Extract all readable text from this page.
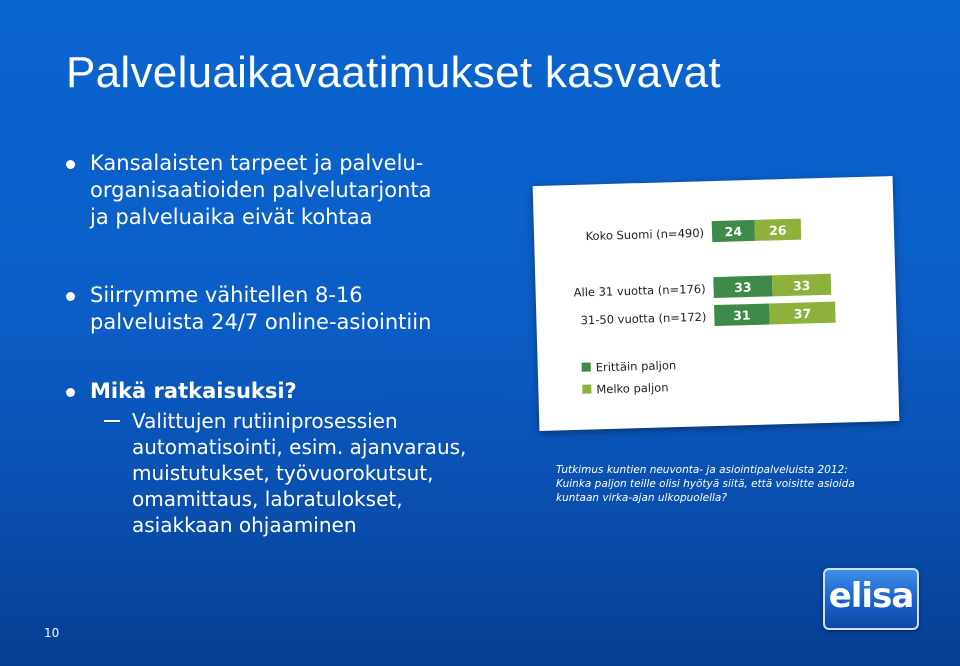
Palveluaikavaatimukset kasvavat
Kansalaisten tarpeet ja palvelu-
organisaatioiden palvelutarjonta
ja palveluaika eivät kohtaa
Siirrymme vähitellen 8-16
palveluista 24/7 online-asiointiin
Mikä ratkaisuksi?
Valittujen rutiiniprosessien
automatisointi, esim. ajanvaraus,
muistutukset, työvuorokutsut,
omamittaus, labratulokset,
asiakkaan ohjaaminen
Koko Suomi (n=490) 24 26
Alle 31 vuotta (n=176) 33	33
31-50 vuotta (n=172) 31	37
Erittäin paljon
Melko paljon
Tutkimus kuntien neuvonta- ja asiointipalveluista 2012:
Kuinka paljon teille olisi hyötyä siitä, että voisitte asioida
kuntaan virka-ajan ulkopuolella?
elisa
10
